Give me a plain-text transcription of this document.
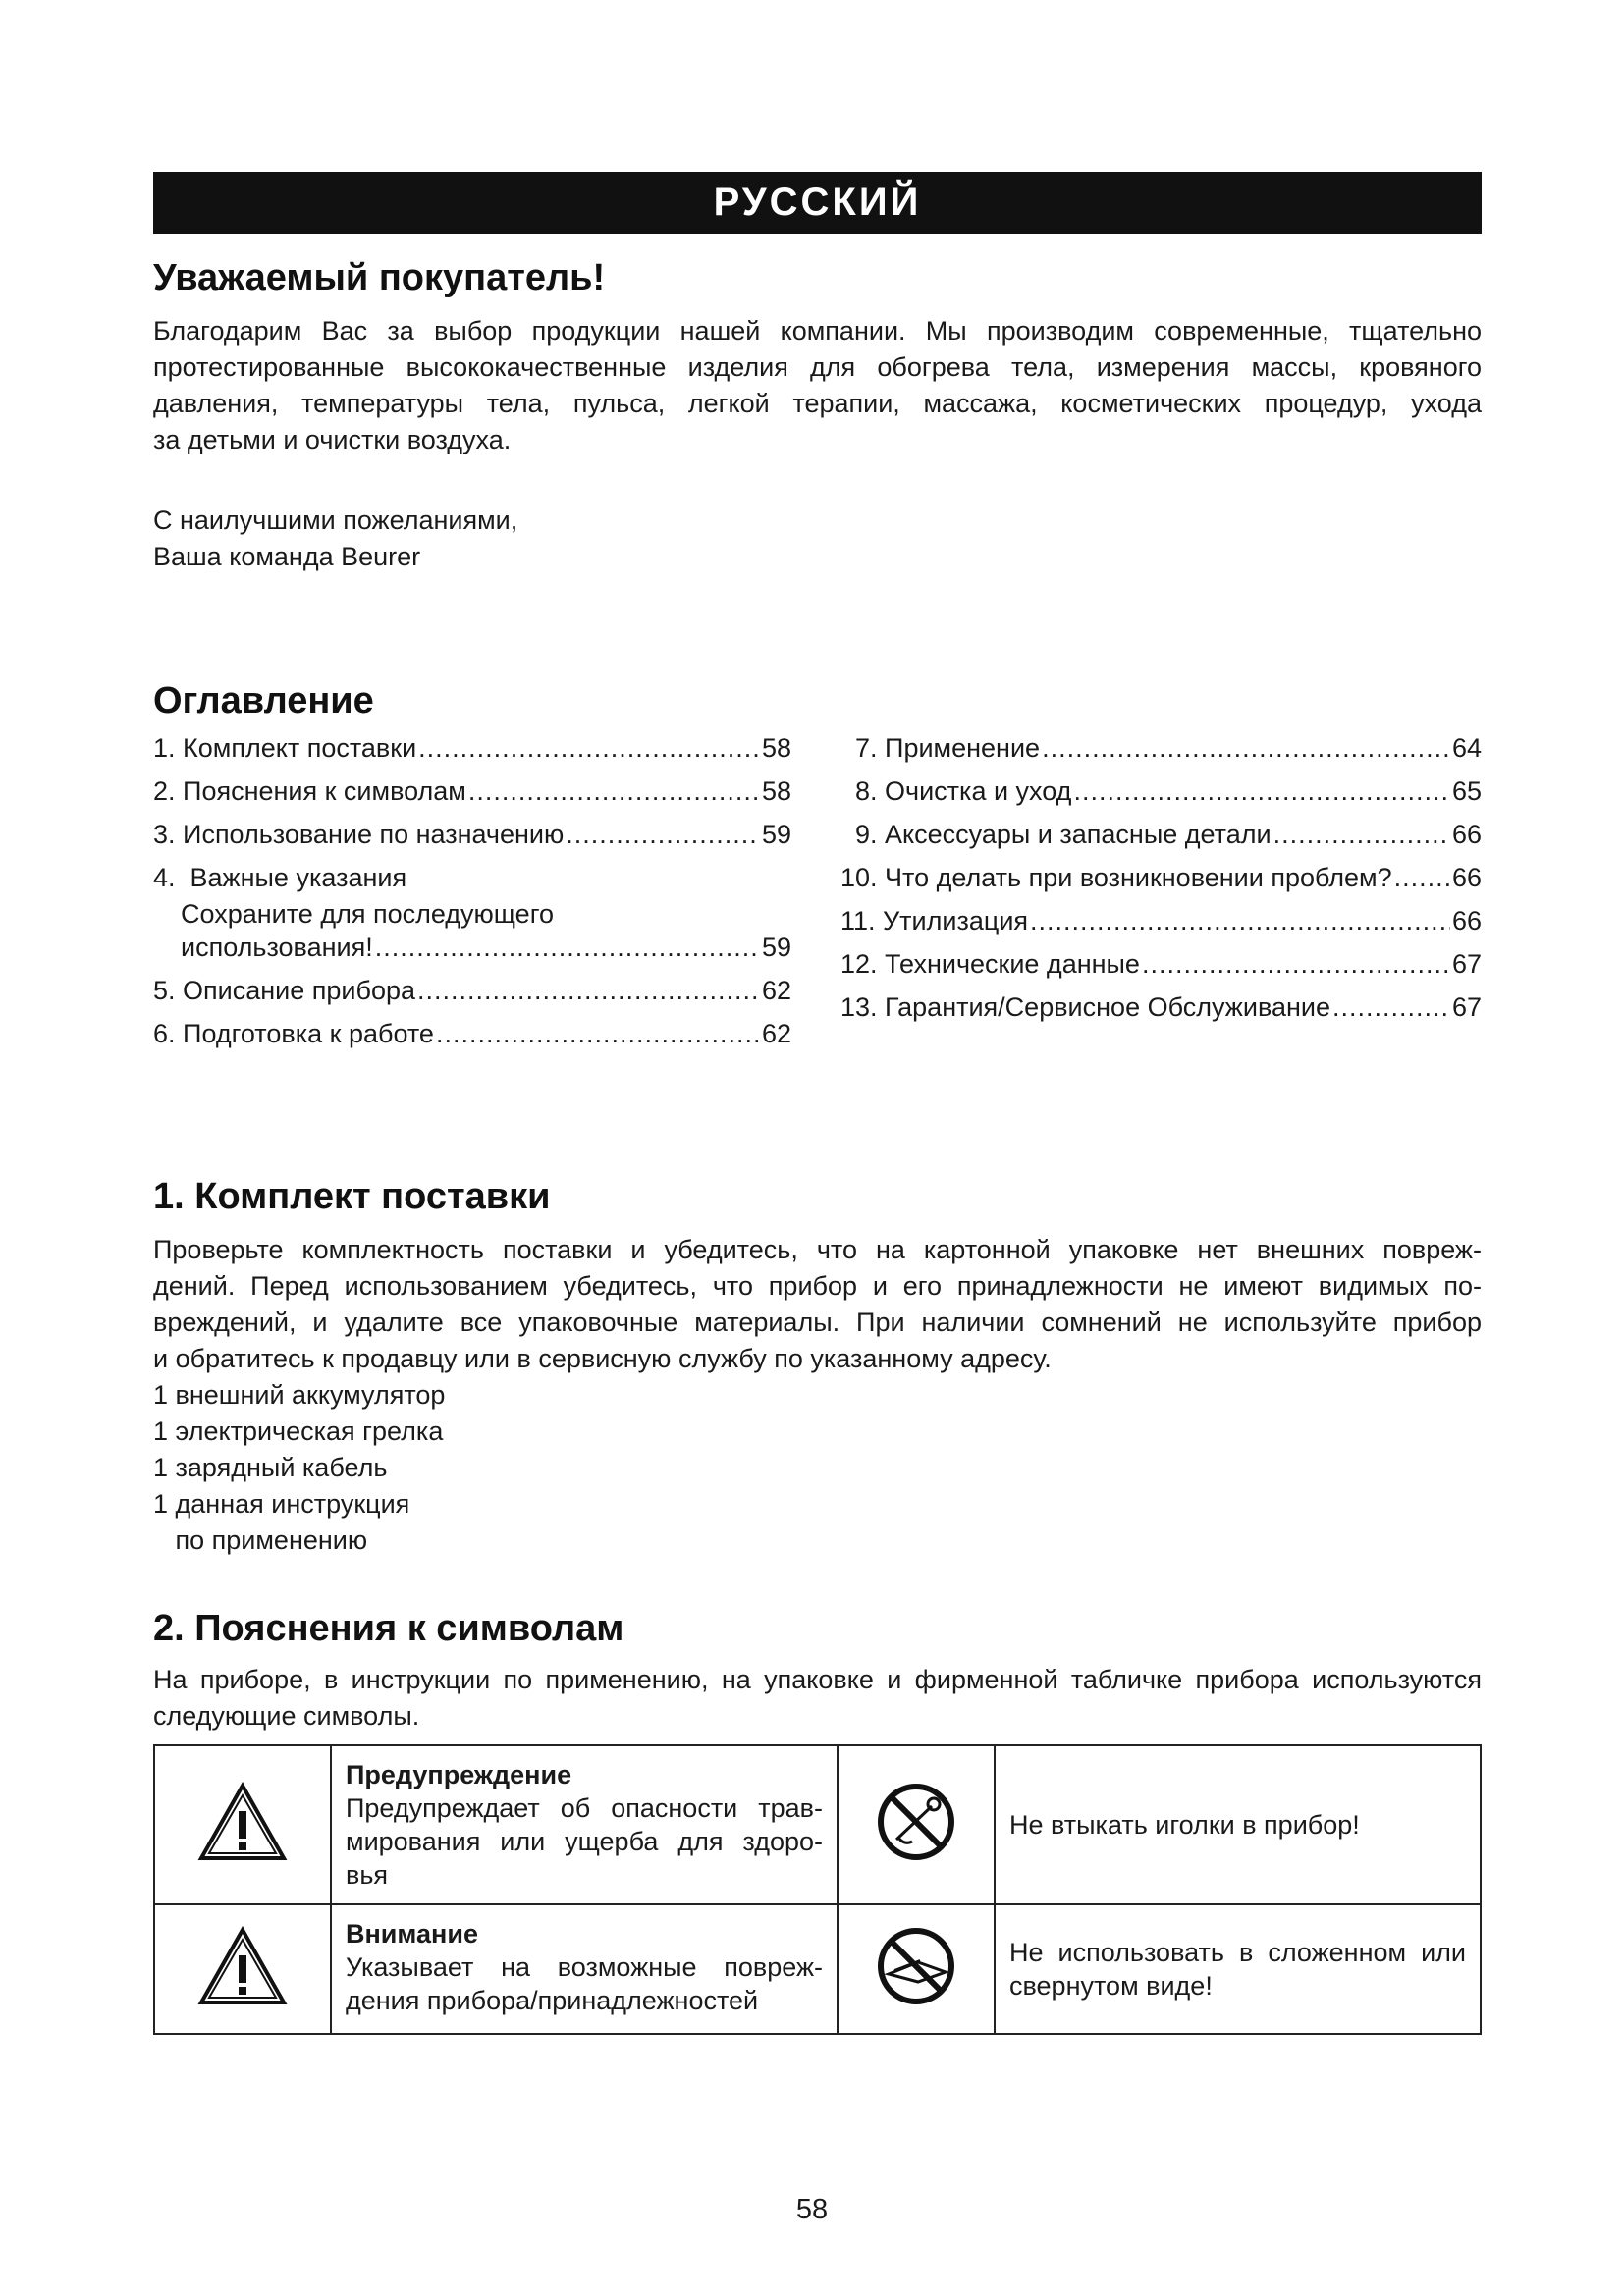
РУССКИЙ
Уважаемый покупатель!
Благодарим Вас за выбор продукции нашей компании. Мы производим современные, тщательно
протестированные высококачественные изделия для обогрева тела, измерения массы, кровяного
давления, температуры тела, пульса, легкой терапии, массажа, косметических процедур, ухода
за детьми и очистки воздуха.
С наилучшими пожеланиями,
Ваша команда Beurer
Оглавление
1. Комплект поставки .....	58
2. Пояснения к символам .....	58
3. Использование по назначению .....	59
4.  Важные указания
Сохраните для последующего
использования! .....	59
5. Описание прибора .....	62
6. Подготовка к работе .....	62
7. Применение .....	64
8. Очистка и уход .....	65
9. Аксессуары и запасные детали .....	66
10. Что делать при возникновении проблем? ..... 66
11. Утилизация .....	66
12. Технические данные .....	67
13. Гарантия/Сервисное Обслуживание .....	67
1. Комплект поставки
Проверьте комплектность поставки и убедитесь, что на картонной упаковке нет внешних повреж-
дений. Перед использованием убедитесь, что прибор и его принадлежности не имеют видимых по-
вреждений, и удалите все упаковочные материалы. При наличии сомнений не используйте прибор
и обратитесь к продавцу или в сервисную службу по указанному адресу.
1 внешний аккумулятор
1 электрическая грелка
1 зарядный кабель
1 данная инструкция
по применению
2. Пояснения к символам
На приборе, в инструкции по применению, на упаковке и фирменной табличке прибора используются
следующие символы.

Предупреждение
Предупреждает об опасности трав-
мирования или ущерба для здоро-
вья		Не втыкать иголки в прибор!

Внимание
Указывает на возможные повреж-
дения прибора/принадлежностей		Не использовать в сложенном или
свернутом виде!
58
